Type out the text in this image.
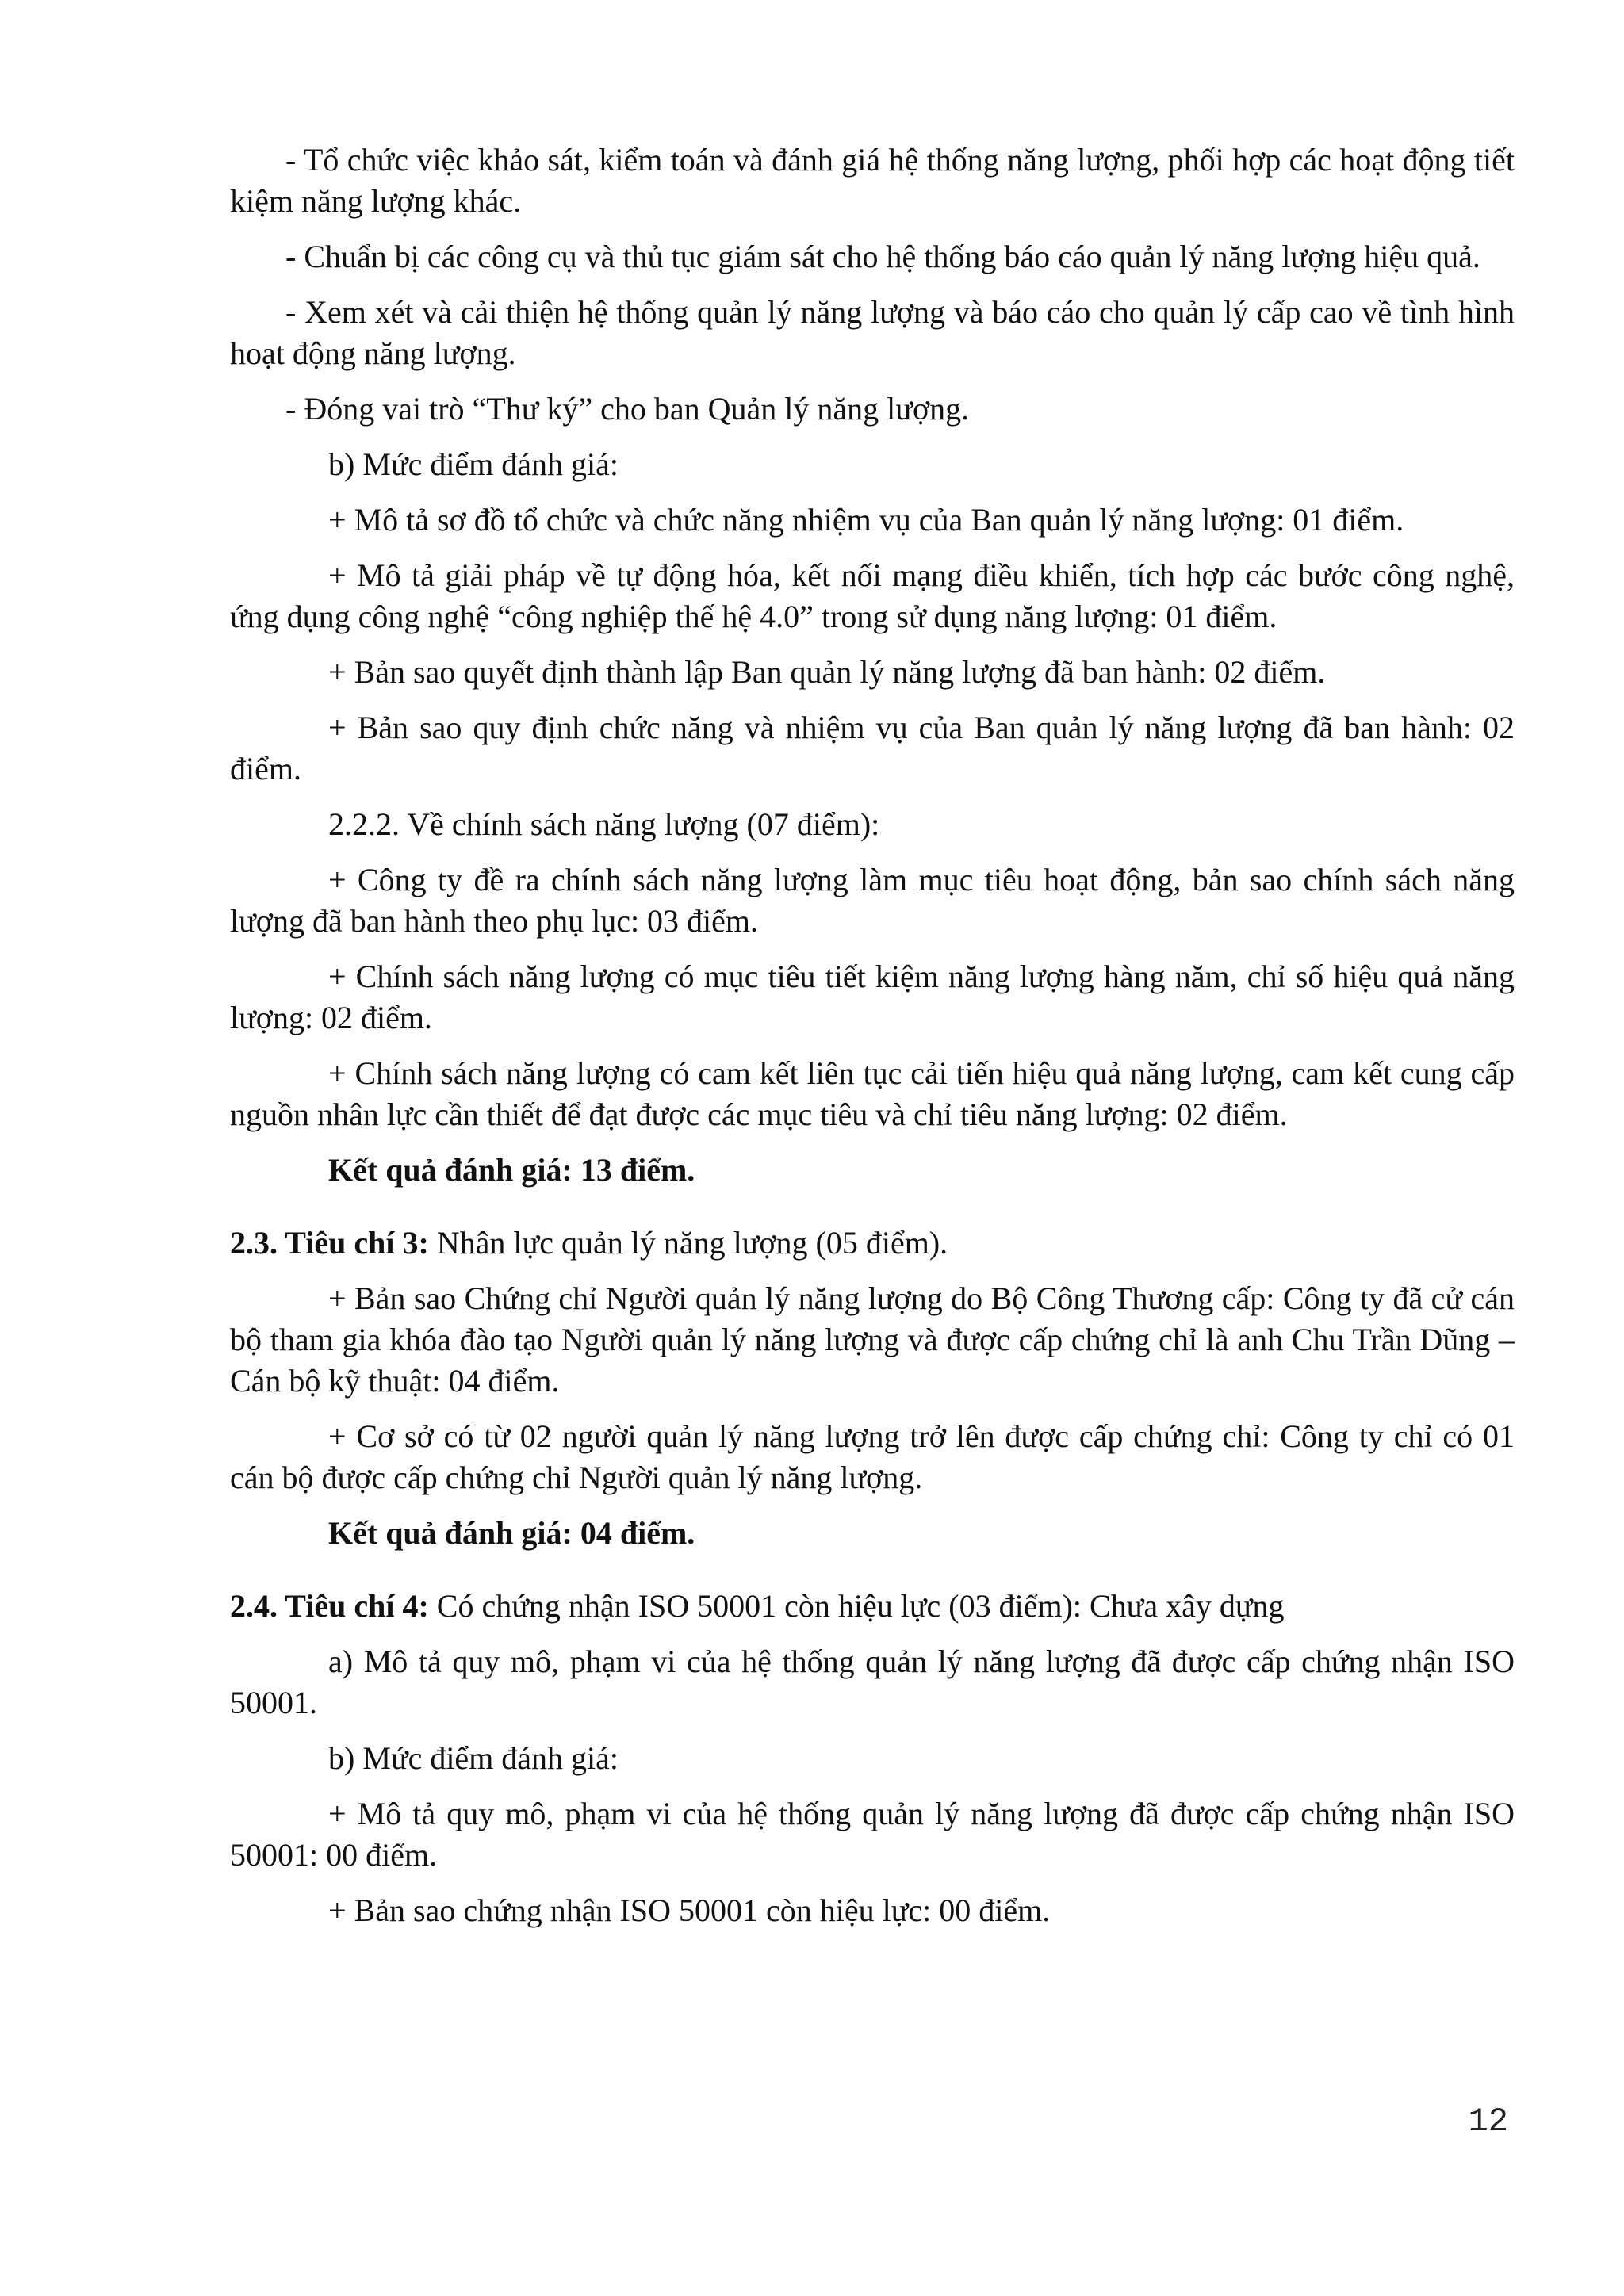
- Tổ chức việc khảo sát, kiểm toán và đánh giá hệ thống năng lượng, phối hợp các hoạt động tiết kiệm năng lượng khác.

- Chuẩn bị các công cụ và thủ tục giám sát cho hệ thống báo cáo quản lý năng lượng hiệu quả.

- Xem xét và cải thiện hệ thống quản lý năng lượng và báo cáo cho quản lý cấp cao về tình hình hoạt động năng lượng.

- Đóng vai trò “Thư ký” cho ban Quản lý năng lượng.

b) Mức điểm đánh giá:

+ Mô tả sơ đồ tổ chức và chức năng nhiệm vụ của Ban quản lý năng lượng: 01 điểm.

+ Mô tả giải pháp về tự động hóa, kết nối mạng điều khiển, tích hợp các bước công nghệ, ứng dụng công nghệ “công nghiệp thế hệ 4.0” trong sử dụng năng lượng: 01 điểm.

+ Bản sao quyết định thành lập Ban quản lý năng lượng đã ban hành: 02 điểm.

+ Bản sao quy định chức năng và nhiệm vụ của Ban quản lý năng lượng đã ban hành: 02 điểm.

2.2.2. Về chính sách năng lượng (07 điểm):

+ Công ty đề ra chính sách năng lượng làm mục tiêu hoạt động, bản sao chính sách năng lượng đã ban hành theo phụ lục: 03 điểm.

+ Chính sách năng lượng có mục tiêu tiết kiệm năng lượng hàng năm, chỉ số hiệu quả năng lượng: 02 điểm.

+ Chính sách năng lượng có cam kết liên tục cải tiến hiệu quả năng lượng, cam kết cung cấp nguồn nhân lực cần thiết để đạt được các mục tiêu và chỉ tiêu năng lượng: 02 điểm.

Kết quả đánh giá: 13 điểm.

2.3. Tiêu chí 3: Nhân lực quản lý năng lượng (05 điểm).

+ Bản sao Chứng chỉ Người quản lý năng lượng do Bộ Công Thương cấp: Công ty đã cử cán bộ tham gia khóa đào tạo Người quản lý năng lượng và được cấp chứng chỉ là anh Chu Trần Dũng – Cán bộ kỹ thuật: 04 điểm.

+ Cơ sở có từ 02 người quản lý năng lượng trở lên được cấp chứng chỉ: Công ty chỉ có 01 cán bộ được cấp chứng chỉ Người quản lý năng lượng.

Kết quả đánh giá: 04 điểm.

2.4. Tiêu chí 4: Có chứng nhận ISO 50001 còn hiệu lực (03 điểm): Chưa xây dựng

a) Mô tả quy mô, phạm vi của hệ thống quản lý năng lượng đã được cấp chứng nhận ISO 50001.

b) Mức điểm đánh giá:

+ Mô tả quy mô, phạm vi của hệ thống quản lý năng lượng đã được cấp chứng nhận ISO 50001: 00 điểm.

+ Bản sao chứng nhận ISO 50001 còn hiệu lực: 00 điểm.

12
